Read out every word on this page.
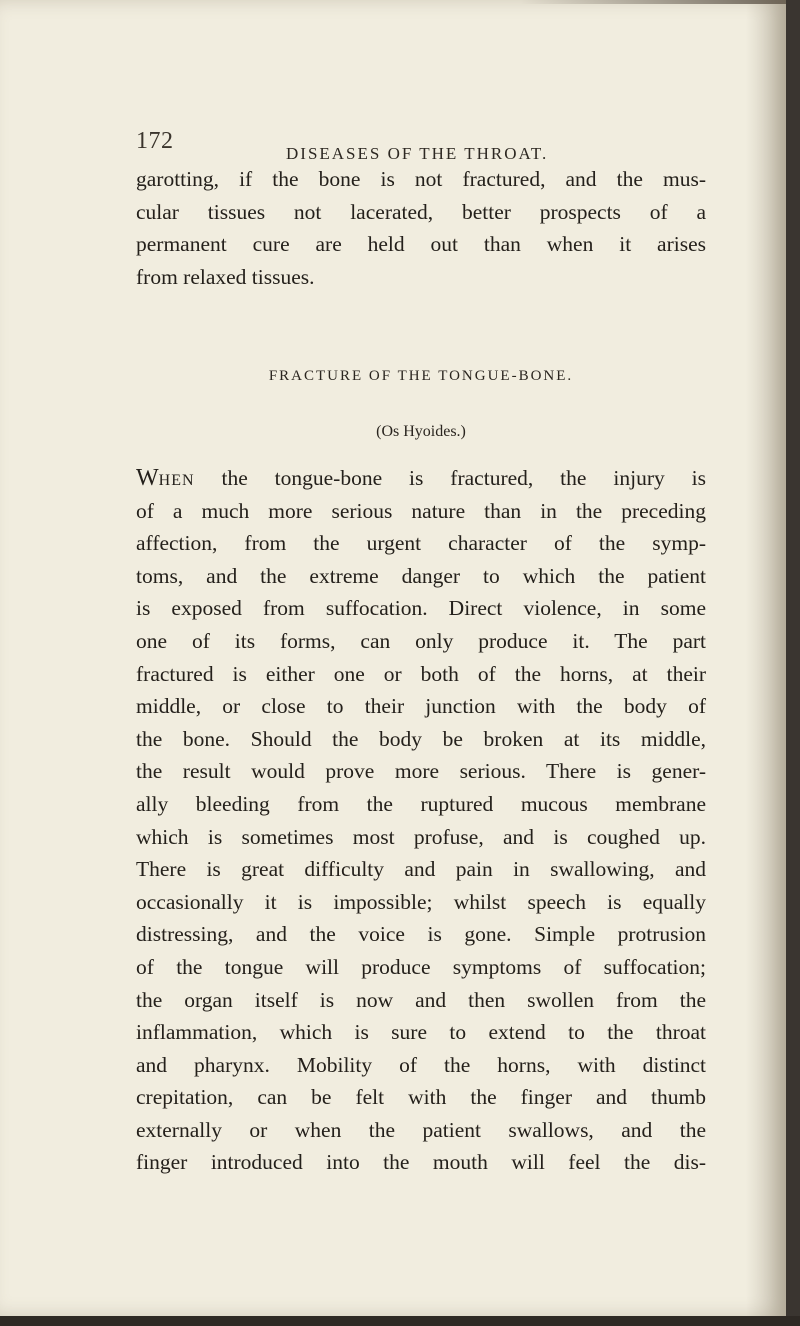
172	DISEASES OF THE THROAT.
garotting, if the bone is not fractured, and the mus-
cular tissues not lacerated, better prospects of a
permanent cure are held out than when it arises
from relaxed tissues.
FRACTURE OF THE TONGUE-BONE.
(Os Hyoides.)
WHEN the tongue-bone is fractured, the injury is
of a much more serious nature than in the preceding
affection, from the urgent character of the symp-
toms, and the extreme danger to which the patient
is exposed from suffocation. Direct violence, in some
one of its forms, can only produce it. The part
fractured is either one or both of the horns, at their
middle, or close to their junction with the body of
the bone. Should the body be broken at its middle,
the result would prove more serious. There is gener-
ally bleeding from the ruptured mucous membrane
which is sometimes most profuse, and is coughed up.
There is great difficulty and pain in swallowing, and
occasionally it is impossible; whilst speech is equally
distressing, and the voice is gone. Simple protrusion
of the tongue will produce symptoms of suffocation;
the organ itself is now and then swollen from the
inflammation, which is sure to extend to the throat
and pharynx. Mobility of the horns, with distinct
crepitation, can be felt with the finger and thumb
externally or when the patient swallows, and the
finger introduced into the mouth will feel the dis-
